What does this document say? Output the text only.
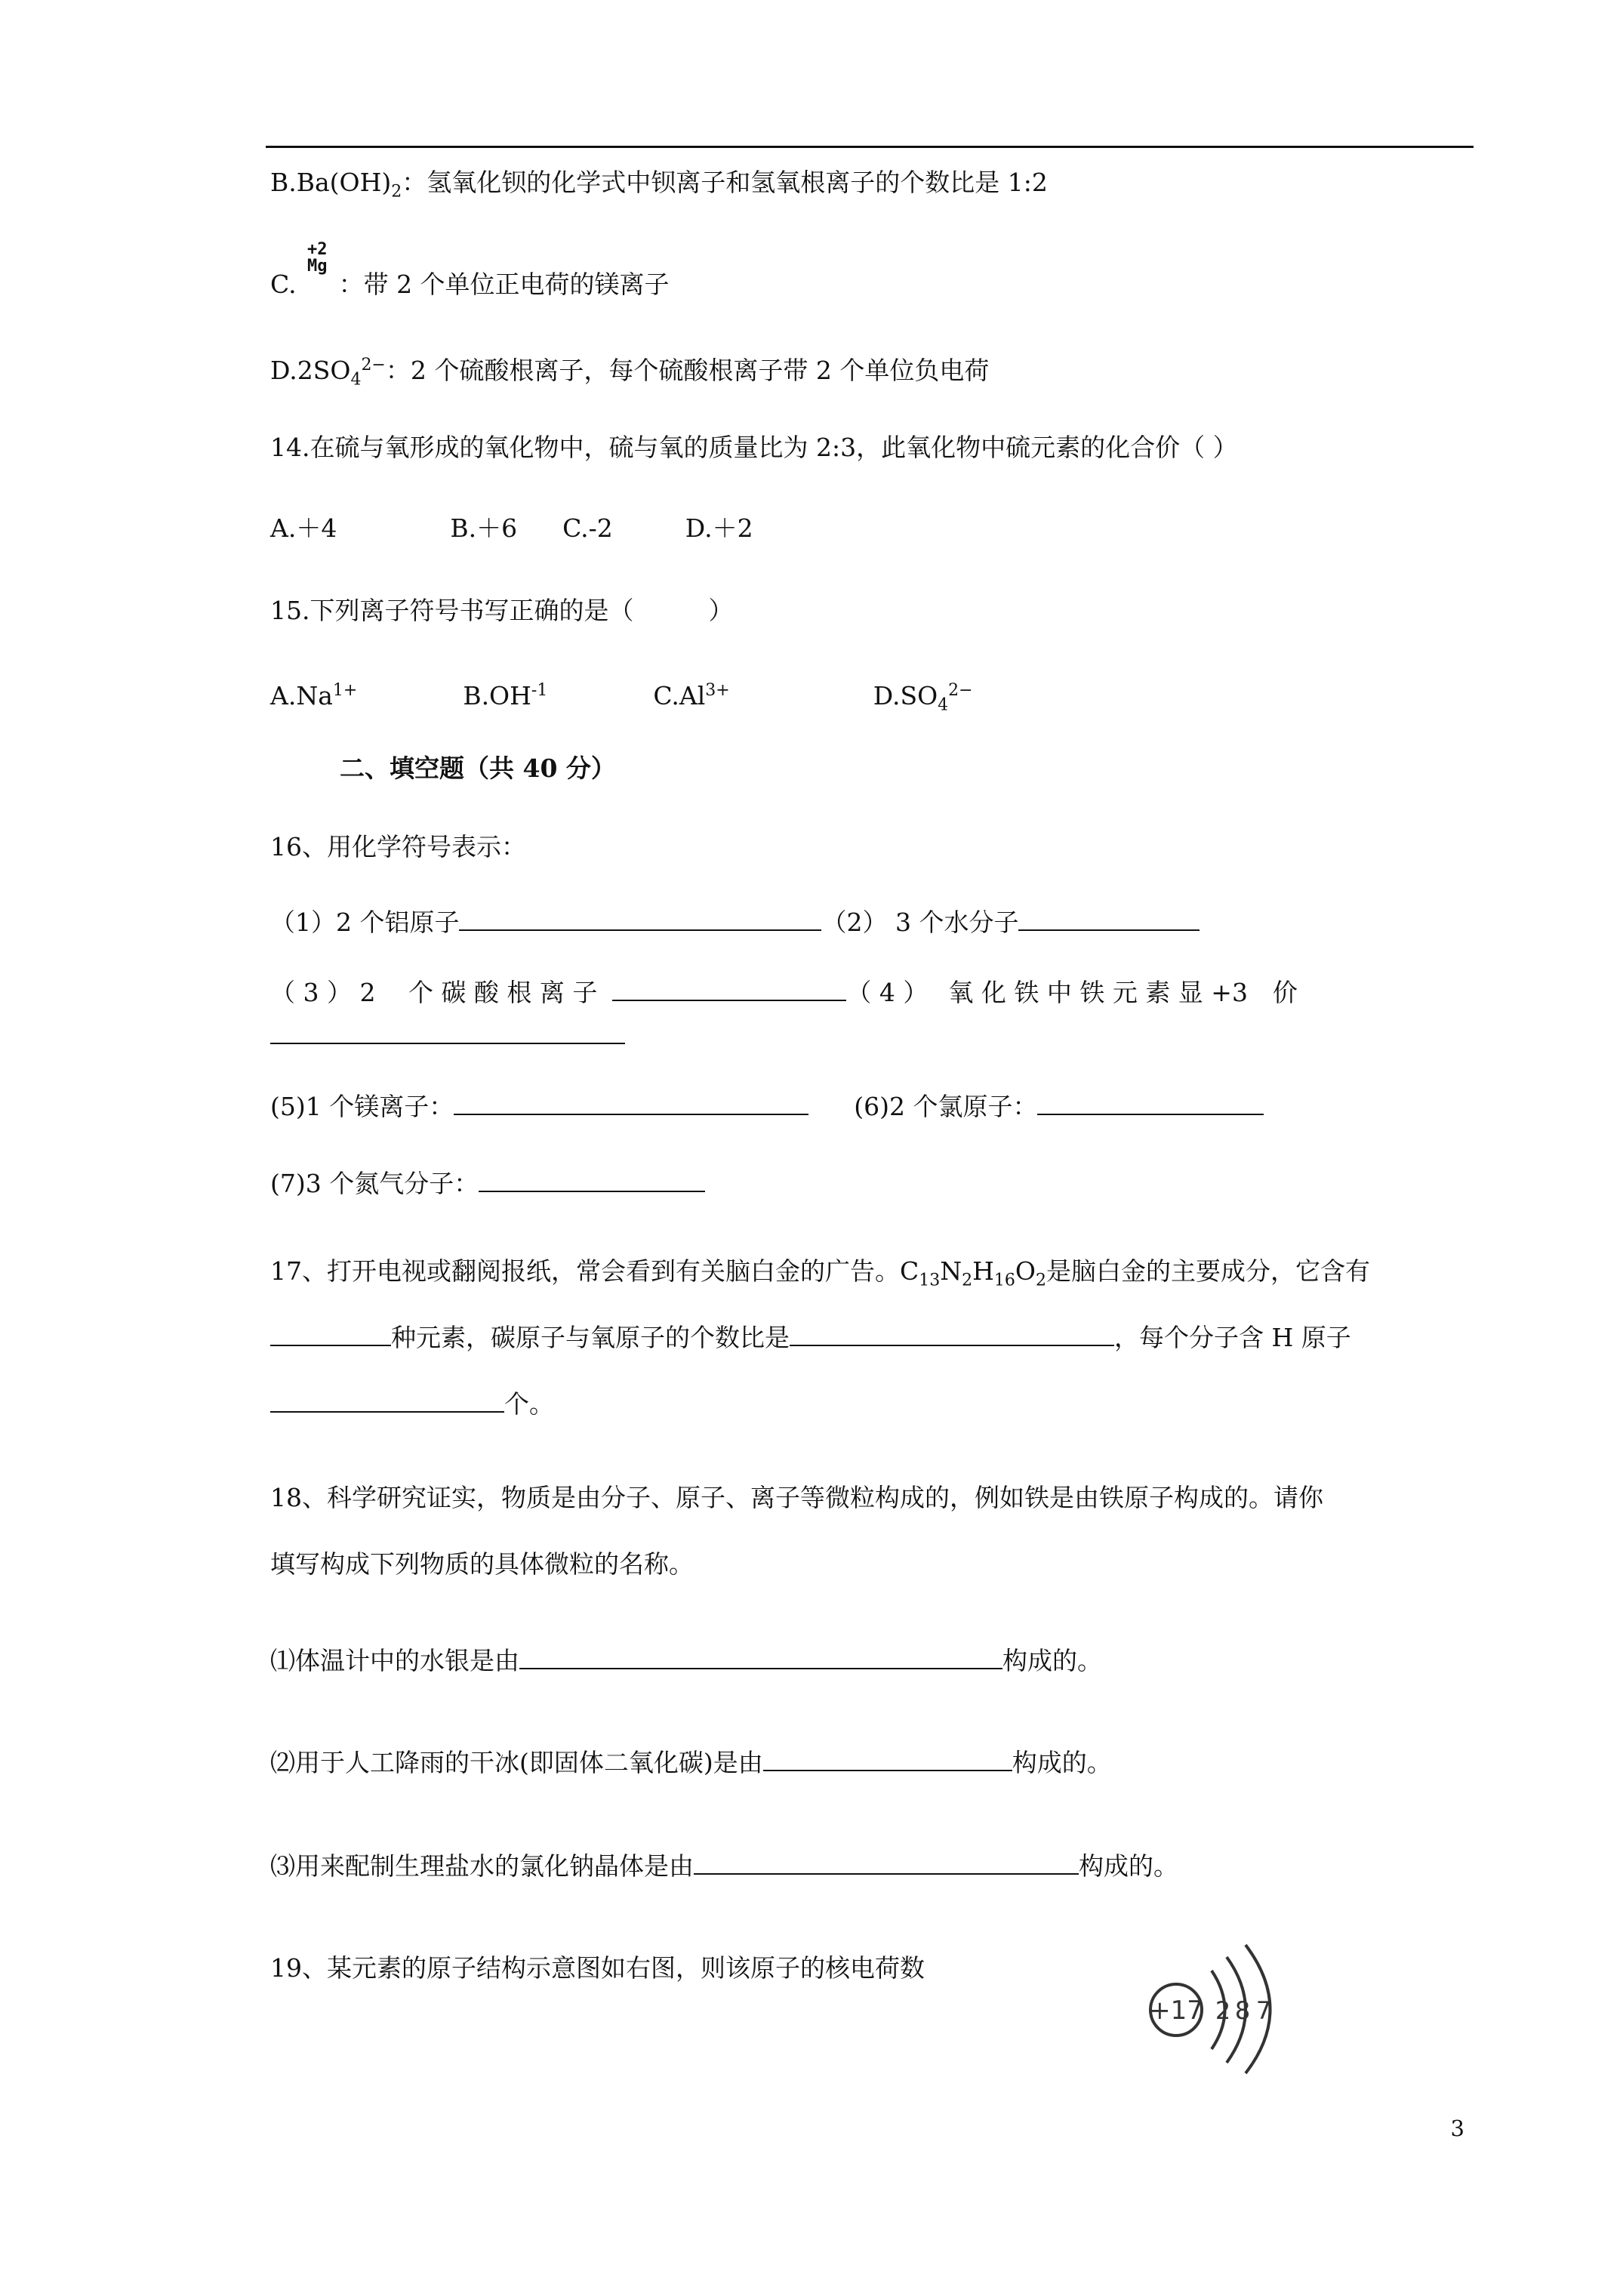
$B.Ba(OH)_2$：氢氧化钡的化学式中钡离子和氢氧根离子的个数比是 1:2
C. ：带 2 个单位正电荷的镁离子
+2
Mg
$D.2SO_4^{2-}$：2 个硫酸根离子，每个硫酸根离子带 2 个单位负电荷
14.在硫与氧形成的氧化物中，硫与氧的质量比为 2:3，此氧化物中硫元素的化合价（ ）
A.＋4	B.＋6 C.-2	D.＋2
15.下列离子符号书写正确的是（　　　）
$A.Na^{1+}$	$B.OH^{-1}$	$C.Al^{3+}$	$D.SO_4^{2-}$
二、填空题（共 40 分）
16、用化学符号表示：
（1）2 个铝原子	（2） 3 个水分子
（ 3 ） 2 　个 碳 酸 根 离 子	（ 4 ）　 氧 化 铁 中 铁 元 素 显 +3　价
(5)1 个镁离子：	(6)2 个氯原子：
(7)3 个氮气分子：
17、打开电视或翻阅报纸，常会看到有关脑白金的广告。$C_{13}N_2H_{16}O_2$是脑白金的主要成分，它含有
种元素，碳原子与氧原子的个数比是	，每个分子含 H 原子
个。
18、科学研究证实，物质是由分子、原子、离子等微粒构成的，例如铁是由铁原子构成的。请你
填写构成下列物质的具体微粒的名称。
⑴体温计中的水银是由	构成的。
⑵用于人工降雨的干冰(即固体二氧化碳)是由	构成的。
⑶用来配制生理盐水的氯化钠晶体是由	构成的。
19、某元素的原子结构示意图如右图，则该原子的核电荷数
+17 2 8 7
3
